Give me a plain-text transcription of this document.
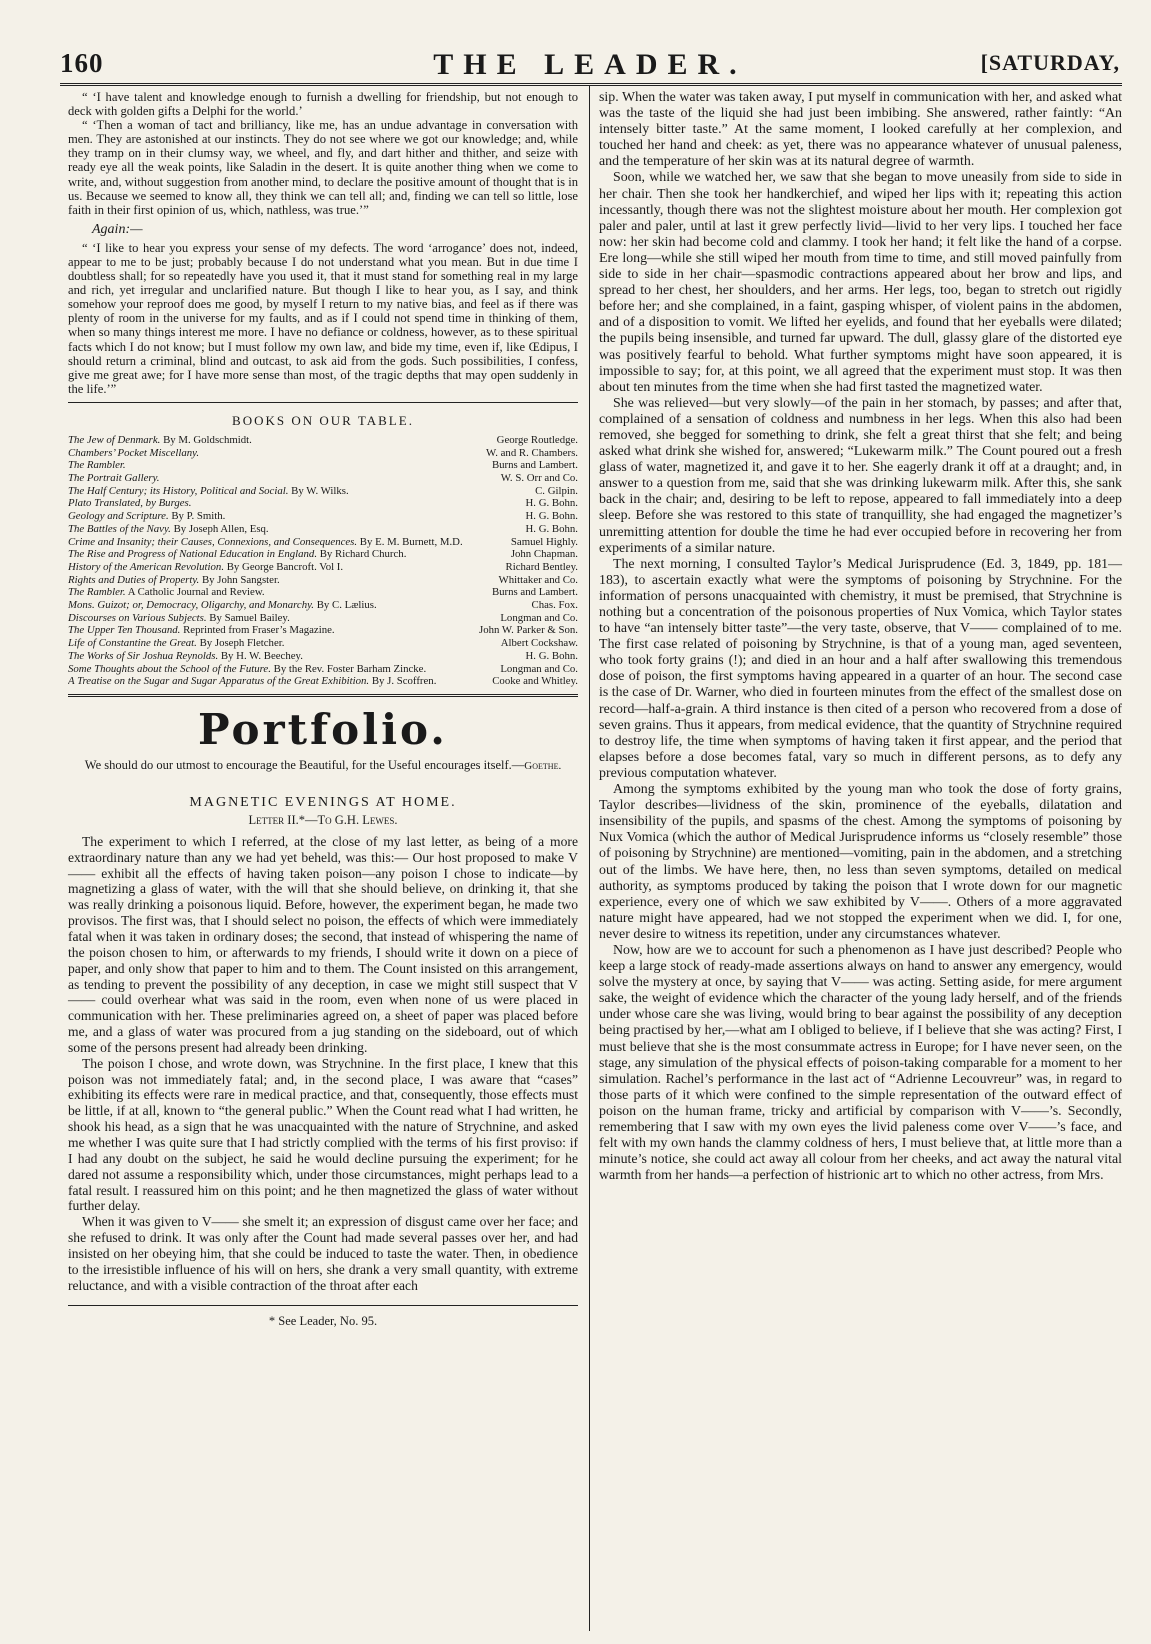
160	THE LEADER.	[SATURDAY,

“ ‘I have talent and knowledge enough to furnish a dwelling for friendship, but not enough to deck with golden gifts a Delphi for the world.’

“ ‘Then a woman of tact and brilliancy, like me, has an undue advantage in conversation with men. They are astonished at our instincts. They do not see where we got our knowledge; and, while they tramp on in their clumsy way, we wheel, and fly, and dart hither and thither, and seize with ready eye all the weak points, like Saladin in the desert. It is quite another thing when we come to write, and, without suggestion from another mind, to declare the positive amount of thought that is in us. Because we seemed to know all, they think we can tell all; and, finding we can tell so little, lose faith in their first opinion of us, which, nathless, was true.’”

Again:—

“ ‘I like to hear you express your sense of my defects. The word ‘arrogance’ does not, indeed, appear to me to be just; probably because I do not understand what you mean. But in due time I doubtless shall; for so repeatedly have you used it, that it must stand for something real in my large and rich, yet irregular and unclarified nature. But though I like to hear you, as I say, and think somehow your reproof does me good, by myself I return to my native bias, and feel as if there was plenty of room in the universe for my faults, and as if I could not spend time in thinking of them, when so many things interest me more. I have no defiance or coldness, however, as to these spiritual facts which I do not know; but I must follow my own law, and bide my time, even if, like Œdipus, I should return a criminal, blind and outcast, to ask aid from the gods. Such possibilities, I confess, give me great awe; for I have more sense than most, of the tragic depths that may open suddenly in the life.’”

BOOKS ON OUR TABLE.
The Jew of Denmark. By M. Goldschmidt.	George Routledge.
Chambers’ Pocket Miscellany.	W. and R. Chambers.
The Rambler.	Burns and Lambert.
The Portrait Gallery.	W. S. Orr and Co.
The Half Century; its History, Political and Social. By W. Wilks.	C. Gilpin.
Plato Translated, by Burges.	H. G. Bohn.
Geology and Scripture. By P. Smith.	H. G. Bohn.
The Battles of the Navy. By Joseph Allen, Esq.	H. G. Bohn.
Crime and Insanity; their Causes, Connexions, and Consequences. By E. M. Burnett, M.D.	Samuel Highly.
The Rise and Progress of National Education in England. By Richard Church.	John Chapman.
History of the American Revolution. By George Bancroft. Vol I.	Richard Bentley.
Rights and Duties of Property. By John Sangster.	Whittaker and Co.
The Rambler. A Catholic Journal and Review.	Burns and Lambert.
Mons. Guizot; or, Democracy, Oligarchy, and Monarchy. By C. Lælius.	Chas. Fox.
Discourses on Various Subjects. By Samuel Bailey.	Longman and Co.
The Upper Ten Thousand. Reprinted from Fraser’s Magazine.	John W. Parker & Son.
Life of Constantine the Great. By Joseph Fletcher.	Albert Cockshaw.
The Works of Sir Joshua Reynolds. By H. W. Beechey.	H. G. Bohn.
Some Thoughts about the School of the Future. By the Rev. Foster Barham Zincke.	Longman and Co.
A Treatise on the Sugar and Sugar Apparatus of the Great Exhibition. By J. Scoffren.	Cooke and Whitley.
Portfolio.

We should do our utmost to encourage the Beautiful, for the Useful encourages itself.—Goethe.

MAGNETIC EVENINGS AT HOME.
Letter II.*—To G.H. Lewes.

The experiment to which I referred, at the close of my last letter, as being of a more extraordinary nature than any we had yet beheld, was this:— Our host proposed to make V—— exhibit all the effects of having taken poison—any poison I chose to indicate—by magnetizing a glass of water, with the will that she should believe, on drinking it, that she was really drinking a poisonous liquid. Before, however, the experiment began, he made two provisos. The first was, that I should select no poison, the effects of which were immediately fatal when it was taken in ordinary doses; the second, that instead of whispering the name of the poison chosen to him, or afterwards to my friends, I should write it down on a piece of paper, and only show that paper to him and to them. The Count insisted on this arrangement, as tending to prevent the possibility of any deception, in case we might still suspect that V—— could overhear what was said in the room, even when none of us were placed in communication with her. These preliminaries agreed on, a sheet of paper was placed before me, and a glass of water was procured from a jug standing on the sideboard, out of which some of the persons present had already been drinking.

The poison I chose, and wrote down, was Strychnine. In the first place, I knew that this poison was not immediately fatal; and, in the second place, I was aware that “cases” exhibiting its effects were rare in medical practice, and that, consequently, those effects must be little, if at all, known to “the general public.” When the Count read what I had written, he shook his head, as a sign that he was unacquainted with the nature of Strychnine, and asked me whether I was quite sure that I had strictly complied with the terms of his first proviso: if I had any doubt on the subject, he said he would decline pursuing the experiment; for he dared not assume a responsibility which, under those circumstances, might perhaps lead to a fatal result. I reassured him on this point; and he then magnetized the glass of water without further delay.

When it was given to V—— she smelt it; an expression of disgust came over her face; and she refused to drink. It was only after the Count had made several passes over her, and had insisted on her obeying him, that she could be induced to taste the water. Then, in obedience to the irresistible influence of his will on hers, she drank a very small quantity, with extreme reluctance, and with a visible contraction of the throat after each

* See Leader, No. 95.

sip. When the water was taken away, I put myself in communication with her, and asked what was the taste of the liquid she had just been imbibing. She answered, rather faintly: “An intensely bitter taste.” At the same moment, I looked carefully at her complexion, and touched her hand and cheek: as yet, there was no appearance whatever of unusual paleness, and the temperature of her skin was at its natural degree of warmth.

Soon, while we watched her, we saw that she began to move uneasily from side to side in her chair. Then she took her handkerchief, and wiped her lips with it; repeating this action incessantly, though there was not the slightest moisture about her mouth. Her complexion got paler and paler, until at last it grew perfectly livid—livid to her very lips. I touched her face now: her skin had become cold and clammy. I took her hand; it felt like the hand of a corpse. Ere long—while she still wiped her mouth from time to time, and still moved painfully from side to side in her chair—spasmodic contractions appeared about her brow and lips, and spread to her chest, her shoulders, and her arms. Her legs, too, began to stretch out rigidly before her; and she complained, in a faint, gasping whisper, of violent pains in the abdomen, and of a disposition to vomit. We lifted her eyelids, and found that her eyeballs were dilated; the pupils being insensible, and turned far upward. The dull, glassy glare of the distorted eye was positively fearful to behold. What further symptoms might have soon appeared, it is impossible to say; for, at this point, we all agreed that the experiment must stop. It was then about ten minutes from the time when she had first tasted the magnetized water.

She was relieved—but very slowly—of the pain in her stomach, by passes; and after that, complained of a sensation of coldness and numbness in her legs. When this also had been removed, she begged for something to drink, she felt a great thirst that she felt; and being asked what drink she wished for, answered; “Lukewarm milk.” The Count poured out a fresh glass of water, magnetized it, and gave it to her. She eagerly drank it off at a draught; and, in answer to a question from me, said that she was drinking lukewarm milk. After this, she sank back in the chair; and, desiring to be left to repose, appeared to fall immediately into a deep sleep. Before she was restored to this state of tranquillity, she had engaged the magnetizer’s unremitting attention for double the time he had ever occupied before in recovering her from experiments of a similar nature.

The next morning, I consulted Taylor’s Medical Jurisprudence (Ed. 3, 1849, pp. 181—183), to ascertain exactly what were the symptoms of poisoning by Strychnine. For the information of persons unacquainted with chemistry, it must be premised, that Strychnine is nothing but a concentration of the poisonous properties of Nux Vomica, which Taylor states to have “an intensely bitter taste”—the very taste, observe, that V—— complained of to me. The first case related of poisoning by Strychnine, is that of a young man, aged seventeen, who took forty grains (!); and died in an hour and a half after swallowing this tremendous dose of poison, the first symptoms having appeared in a quarter of an hour. The second case is the case of Dr. Warner, who died in fourteen minutes from the effect of the smallest dose on record—half-a-grain. A third instance is then cited of a person who recovered from a dose of seven grains. Thus it appears, from medical evidence, that the quantity of Strychnine required to destroy life, the time when symptoms of having taken it first appear, and the period that elapses before a dose becomes fatal, vary so much in different persons, as to defy any previous computation whatever.

Among the symptoms exhibited by the young man who took the dose of forty grains, Taylor describes—lividness of the skin, prominence of the eyeballs, dilatation and insensibility of the pupils, and spasms of the chest. Among the symptoms of poisoning by Nux Vomica (which the author of Medical Jurisprudence informs us “closely resemble” those of poisoning by Strychnine) are mentioned—vomiting, pain in the abdomen, and a stretching out of the limbs. We have here, then, no less than seven symptoms, detailed on medical authority, as symptoms produced by taking the poison that I wrote down for our magnetic experience, every one of which we saw exhibited by V——. Others of a more aggravated nature might have appeared, had we not stopped the experiment when we did. I, for one, never desire to witness its repetition, under any circumstances whatever.

Now, how are we to account for such a phenomenon as I have just described? People who keep a large stock of ready-made assertions always on hand to answer any emergency, would solve the mystery at once, by saying that V—— was acting. Setting aside, for mere argument sake, the weight of evidence which the character of the young lady herself, and of the friends under whose care she was living, would bring to bear against the possibility of any deception being practised by her,—what am I obliged to believe, if I believe that she was acting? First, I must believe that she is the most consummate actress in Europe; for I have never seen, on the stage, any simulation of the physical effects of poison-taking comparable for a moment to her simulation. Rachel’s performance in the last act of “Adrienne Lecouvreur” was, in regard to those parts of it which were confined to the simple representation of the outward effect of poison on the human frame, tricky and artificial by comparison with V——’s. Secondly, remembering that I saw with my own eyes the livid paleness come over V——’s face, and felt with my own hands the clammy coldness of hers, I must believe that, at little more than a minute’s notice, she could act away all colour from her cheeks, and act away the natural vital warmth from her hands—a perfection of histrionic art to which no other actress, from Mrs.
